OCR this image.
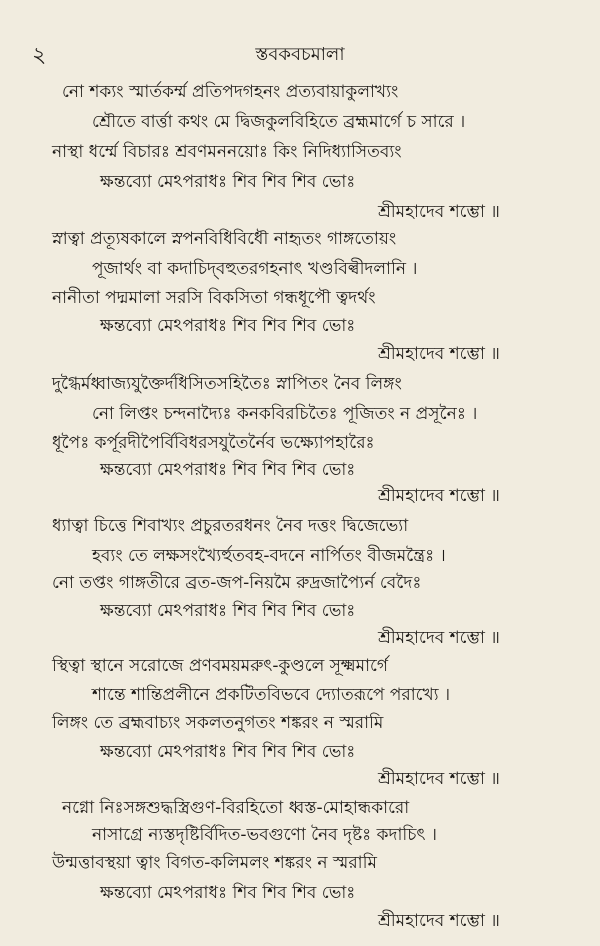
২	স্তবকবচমালা
নো শক্যং স্মার্তকর্ম্ম প্রতিপদগহনং প্রত্যবায়াকুলাখ্যং
শ্রৌতে বার্ত্তা কথং মে দ্বিজকুলবিহিতে ব্রহ্মমার্গে চ সারে ।
নাস্থা ধর্ম্মে বিচারঃ শ্রবণমননয়োঃ কিং নিদিধ্যাসিতব্যং
ক্ষন্তব্যো মেঽপরাধঃ শিব শিব শিব ভোঃ
শ্রীমহাদেব শম্ভো ॥
স্নাত্বা প্রত্যূষকালে স্নপনবিধিবিধৌ নাহৃতং গাঙ্গতোয়ং
পূজার্থং বা কদাচিদ্‌বহুতরগহনাৎ খণ্ডবিল্বীদলানি ।
নানীতা পদ্মমালা সরসি বিকসিতা গন্ধধূপৌ ত্বদর্থং
ক্ষন্তব্যো মেঽপরাধঃ শিব শিব শিব ভোঃ
শ্রীমহাদেব শম্ভো ॥
দুগ্ধৈর্মধ্বাজ্যযুক্তৈর্দধিসিতসহিতৈঃ স্নাপিতং নৈব লিঙ্গং
নো লিপ্তং চন্দনাদ্যৈঃ কনকবিরচিতৈঃ পূজিতং ন প্রসূনৈঃ ।
ধূপৈঃ কর্পূরদীপৈর্বিবিধরসযুতৈর্নৈব ভক্ষ্যোপহারৈঃ
ক্ষন্তব্যো মেঽপরাধঃ শিব শিব শিব ভোঃ
শ্রীমহাদেব শম্ভো ॥
ধ্যাত্বা চিত্তে শিবাখ্যং প্রচুরতরধনং নৈব দত্তং দ্বিজেভ্যো
হব্যং তে লক্ষসংখ্যৈর্হুতবহ-বদনে নার্পিতং বীজমন্ত্রৈঃ ।
নো তপ্তং গাঙ্গতীরে ব্রত-জপ-নিয়মৈ রুদ্রজাপ্যৈর্ন বেদৈঃ
ক্ষন্তব্যো মেঽপরাধঃ শিব শিব শিব ভোঃ
শ্রীমহাদেব শম্ভো ॥
স্থিত্বা স্থানে সরোজে প্রণবময়মরুৎ-কুণ্ডলে সূক্ষ্মমার্গে
শান্তে শান্তিপ্রলীনে প্রকটিতবিভবে দ্যোতরূপে পরাখ্যে ।
লিঙ্গং তে ব্রহ্মবাচ্যং সকলতনুগতং শঙ্করং ন স্মরামি
ক্ষন্তব্যো মেঽপরাধঃ শিব শিব শিব ভোঃ
শ্রীমহাদেব শম্ভো ॥
নগ্নো নিঃসঙ্গশুদ্ধস্ত্রিগুণ-বিরহিতো ধ্বস্ত-মোহান্ধকারো
নাসাগ্রে ন্যস্তদৃষ্টির্বিদিত-ভবগুণো নৈব দৃষ্টঃ কদাচিৎ ।
উন্মত্তাবস্থয়া ত্বাং বিগত-কলিমলং শঙ্করং ন স্মরামি
ক্ষন্তব্যো মেঽপরাধঃ শিব শিব শিব ভোঃ
শ্রীমহাদেব শম্ভো ॥
